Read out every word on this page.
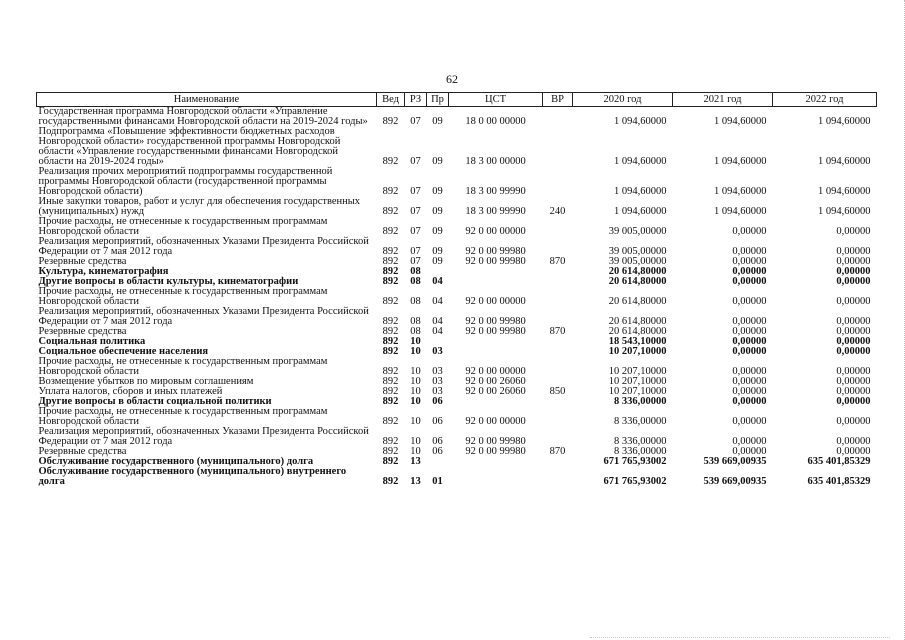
62
Наименование	Вед	РЗ	Пр	ЦСТ	ВР	2020 год	2021 год	2022 год
Государственная программа Новгородской области «Управление государственными финансами Новгородской области на 2019-2024 годы»	892	07	09	18 0 00 00000		1 094,60000	1 094,60000	1 094,60000
Подпрограмма «Повышение эффективности бюджетных расходов Новгородской области» государственной программы Новгородской области «Управление государственными финансами Новгородской области на 2019-2024 годы»	892	07	09	18 3 00 00000		1 094,60000	1 094,60000	1 094,60000
Реализация прочих мероприятий подпрограммы государственной программы Новгородской области (государственной программы Новгородской области)	892	07	09	18 3 00 99990		1 094,60000	1 094,60000	1 094,60000
Иные закупки товаров, работ и услуг для обеспечения государственных (муниципальных) нужд	892	07	09	18 3 00 99990	240	1 094,60000	1 094,60000	1 094,60000
Прочие расходы, не отнесенные к государственным программам Новгородской области	892	07	09	92 0 00 00000		39 005,00000	0,00000	0,00000
Реализация мероприятий, обозначенных Указами Президента Российской Федерации от 7 мая 2012 года	892	07	09	92 0 00 99980		39 005,00000	0,00000	0,00000
Резервные средства	892	07	09	92 0 00 99980	870	39 005,00000	0,00000	0,00000
Культура, кинематография	892	08				20 614,80000	0,00000	0,00000
Другие вопросы в области культуры, кинематографии	892	08	04			20 614,80000	0,00000	0,00000
Прочие расходы, не отнесенные к государственным программам Новгородской области	892	08	04	92 0 00 00000		20 614,80000	0,00000	0,00000
Реализация мероприятий, обозначенных Указами Президента Российской Федерации от 7 мая 2012 года	892	08	04	92 0 00 99980		20 614,80000	0,00000	0,00000
Резервные средства	892	08	04	92 0 00 99980	870	20 614,80000	0,00000	0,00000
Социальная политика	892	10				18 543,10000	0,00000	0,00000
Социальное обеспечение населения	892	10	03			10 207,10000	0,00000	0,00000
Прочие расходы, не отнесенные к государственным программам Новгородской области	892	10	03	92 0 00 00000		10 207,10000	0,00000	0,00000
Возмещение убытков по мировым соглашениям	892	10	03	92 0 00 26060		10 207,10000	0,00000	0,00000
Уплата налогов, сборов и иных платежей	892	10	03	92 0 00 26060	850	10 207,10000	0,00000	0,00000
Другие вопросы в области социальной политики	892	10	06			8 336,00000	0,00000	0,00000
Прочие расходы, не отнесенные к государственным программам Новгородской области	892	10	06	92 0 00 00000		8 336,00000	0,00000	0,00000
Реализация мероприятий, обозначенных Указами Президента Российской Федерации от 7 мая 2012 года	892	10	06	92 0 00 99980		8 336,00000	0,00000	0,00000
Резервные средства	892	10	06	92 0 00 99980	870	8 336,00000	0,00000	0,00000
Обслуживание государственного (муниципального) долга	892	13				671 765,93002	539 669,00935	635 401,85329
Обслуживание государственного (муниципального) внутреннего долга	892	13	01			671 765,93002	539 669,00935	635 401,85329
